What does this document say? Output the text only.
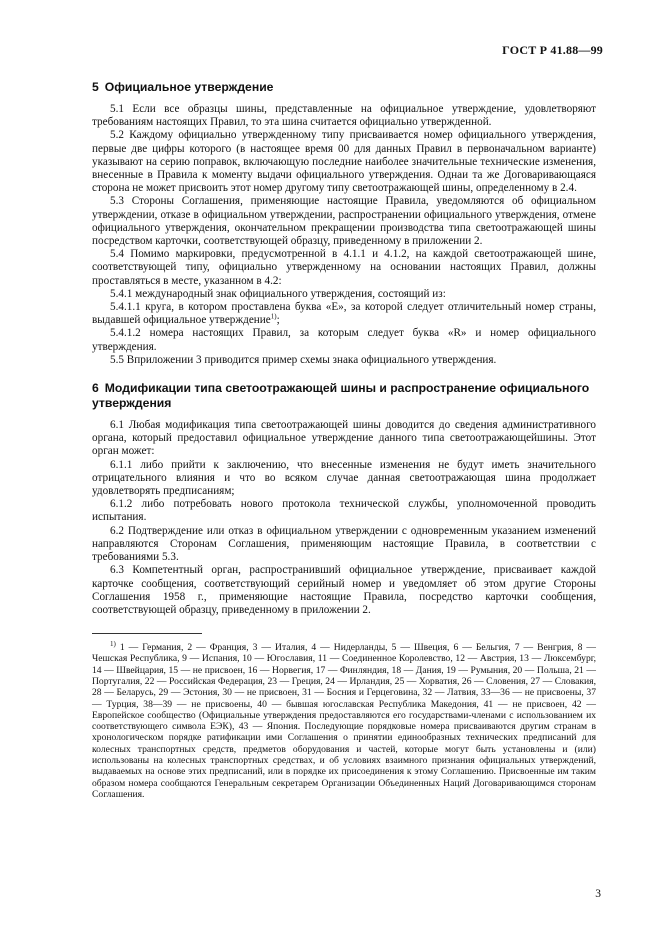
ГОСТ Р 41.88—99
5 Официальное утверждение

5.1 Если все образцы шины, представленные на официальное утверждение, удовлетворяют требованиям настоящих Правил, то эта шина считается официально утвержденной.

5.2 Каждому официально утвержденному типу присваивается номер официального утверждения, первые две цифры которого (в настоящее время 00 для данных Правил в первоначальном варианте) указывают на серию поправок, включающую последние наиболее значительные технические изменения, внесенные в Правила к моменту выдачи официального утверждения. Однаи та же Договаривающаяся сторона не может присвоить этот номер другому типу светоотражающей шины, определенному в 2.4.

5.3 Стороны Соглашения, применяющие настоящие Правила, уведомляются об официальном утверждении, отказе в официальном утверждении, распространении официального утверждения, отмене официального утверждения, окончательном прекращении производства типа светоотражающей шины посредством карточки, соответствующей образцу, приведенному в приложении 2.

5.4 Помимо маркировки, предусмотренной в 4.1.1 и 4.1.2, на каждой светоотражающей шине, соответствующей типу, официально утвержденному на основании настоящих Правил, должны проставляться в месте, указанном в 4.2:

5.4.1 международный знак официального утверждения, состоящий из:

5.4.1.1 круга, в котором проставлена буква «Е», за которой следует отличительный номер страны, выдавшей официальное утверждение$^{1)}$;

5.4.1.2 номера настоящих Правил, за которым следует буква «R» и номер официального утверждения.

5.5 Вприложении 3 приводится пример схемы знака официального утверждения.

6 Модификации типа светоотражающей шины и распространение официального утверждения

6.1 Любая модификация типа светоотражающей шины доводится до сведения административного органа, который предоставил официальное утверждение данного типа светоотражающейшины. Этот орган может:

6.1.1 либо прийти к заключению, что внесенные изменения не будут иметь значительного отрицательного влияния и что во всяком случае данная светоотражающая шина продолжает удовлетворять предписаниям;

6.1.2 либо потребовать нового протокола технической службы, уполномоченной проводить испытания.

6.2 Подтверждение или отказ в официальном утверждении с одновременным указанием изменений направляются Сторонам Соглашения, применяющим настоящие Правила, в соответствии с требованиями 5.3.

6.3 Компетентный орган, распространивший официальное утверждение, присваивает каждой карточке сообщения, соответствующий серийный номер и уведомляет об этом другие Стороны Соглашения 1958 г., применяющие настоящие Правила, посредство карточки сообщения, соответствующей образцу, приведенному в приложении 2.

$^{1)}$ 1 — Германия, 2 — Франция, 3 — Италия, 4 — Нидерланды, 5 — Швеция, 6 — Бельгия, 7 — Венгрия, 8 — Чешская Республика, 9 — Испания, 10 — Югославия, 11 — Соединенное Королевство, 12 — Австрия, 13 — Люксембург, 14 — Швейцария, 15 — не присвоен, 16 — Норвегия, 17 — Финляндия, 18 — Дания, 19 — Румыния, 20 — Польша, 21 — Португалия, 22 — Российская Федерация, 23 — Греция, 24 — Ирландия, 25 — Хорватия, 26 — Словения, 27 — Словакия, 28 — Беларусь, 29 — Эстония, 30 — не присвоен, 31 — Босния и Герцеговина, 32 — Латвия, 33—36 — не присвоены, 37 — Турция, 38—39 — не присвоены, 40 — бывшая югославская Республика Македония, 41 — не присвоен, 42 — Европейское сообщество (Официальные утверждения предоставляются его государствами-членами с использованием их соответствующего символа ЕЭК), 43 — Япония. Последующие порядковые номера присваиваются другим странам в хронологическом порядке ратификации ими Соглашения о принятии единообразных технических предписаний для колесных транспортных средств, предметов оборудования и частей, которые могут быть установлены и (или) использованы на колесных транспортных средствах, и об условиях взаимного признания официальных утверждений, выдаваемых на основе этих предписаний, или в порядке их присоединения к этому Соглашению. Присвоенные им таким образом номера сообщаются Генеральным секретарем Организации Объединенных Наций Договаривающимся сторонам Соглашения.

3
